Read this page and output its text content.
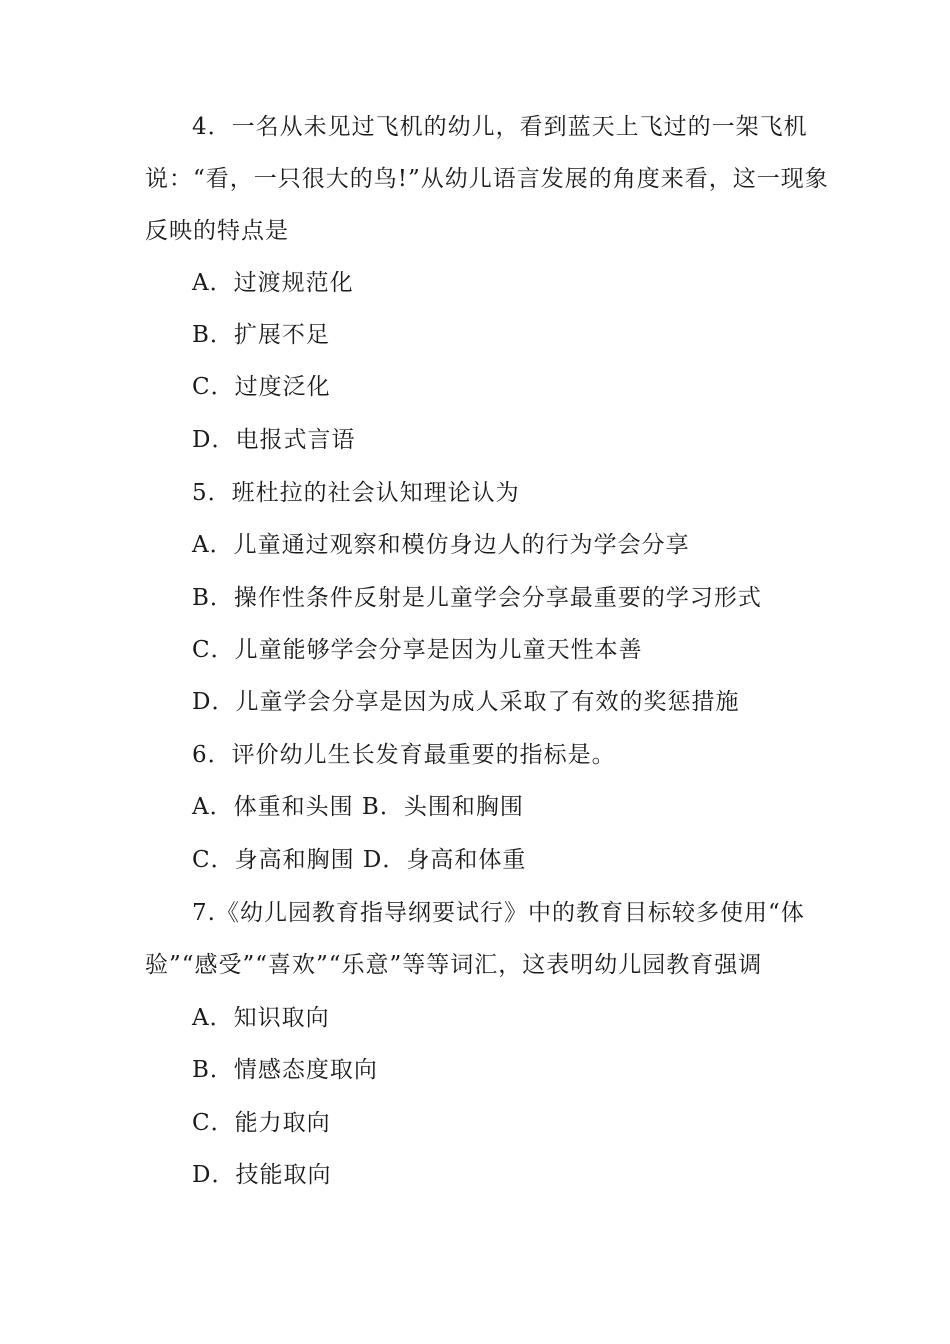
4．一名从未见过飞机的幼儿，看到蓝天上飞过的一架飞机
说：“看，一只很大的鸟!”从幼儿语言发展的角度来看，这一现象
反映的特点是
A．过渡规范化
B．扩展不足
C．过度泛化
D．电报式言语
5．班杜拉的社会认知理论认为
A．儿童通过观察和模仿身边人的行为学会分享
B．操作性条件反射是儿童学会分享最重要的学习形式
C．儿童能够学会分享是因为儿童天性本善
D．儿童学会分享是因为成人采取了有效的奖惩措施
6．评价幼儿生长发育最重要的指标是。
A．体重和头围 B．头围和胸围
C．身高和胸围 D．身高和体重
7.《幼儿园教育指导纲要试行》中的教育目标较多使用“体
验”“感受”“喜欢”“乐意”等等词汇，这表明幼儿园教育强调
A．知识取向
B．情感态度取向
C．能力取向
D．技能取向
